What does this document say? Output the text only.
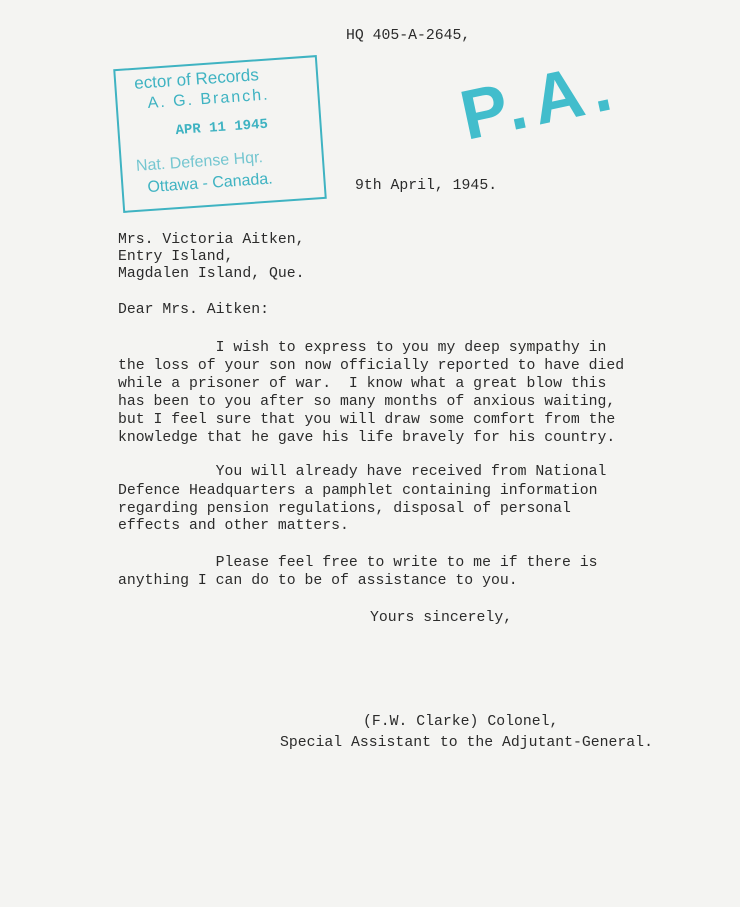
HQ 405-A-2645,
ector of Records
A. G. Branch.
APR 11 1945
Nat. Defense Hqr.
Ottawa - Canada.
P.A.
9th April, 1945.
Mrs. Victoria Aitken,
Entry Island,
Magdalen Island, Que.
Dear Mrs. Aitken:
I wish to express to you my deep sympathy in
the loss of your son now officially reported to have died
while a prisoner of war.  I know what a great blow this
has been to you after so many months of anxious waiting,
but I feel sure that you will draw some comfort from the
knowledge that he gave his life bravely for his country.
You will already have received from National
Defence Headquarters a pamphlet containing information
regarding pension regulations, disposal of personal
effects and other matters.
Please feel free to write to me if there is
anything I can do to be of assistance to you.
Yours sincerely,
(F.W. Clarke) Colonel,
Special Assistant to the Adjutant-General.
